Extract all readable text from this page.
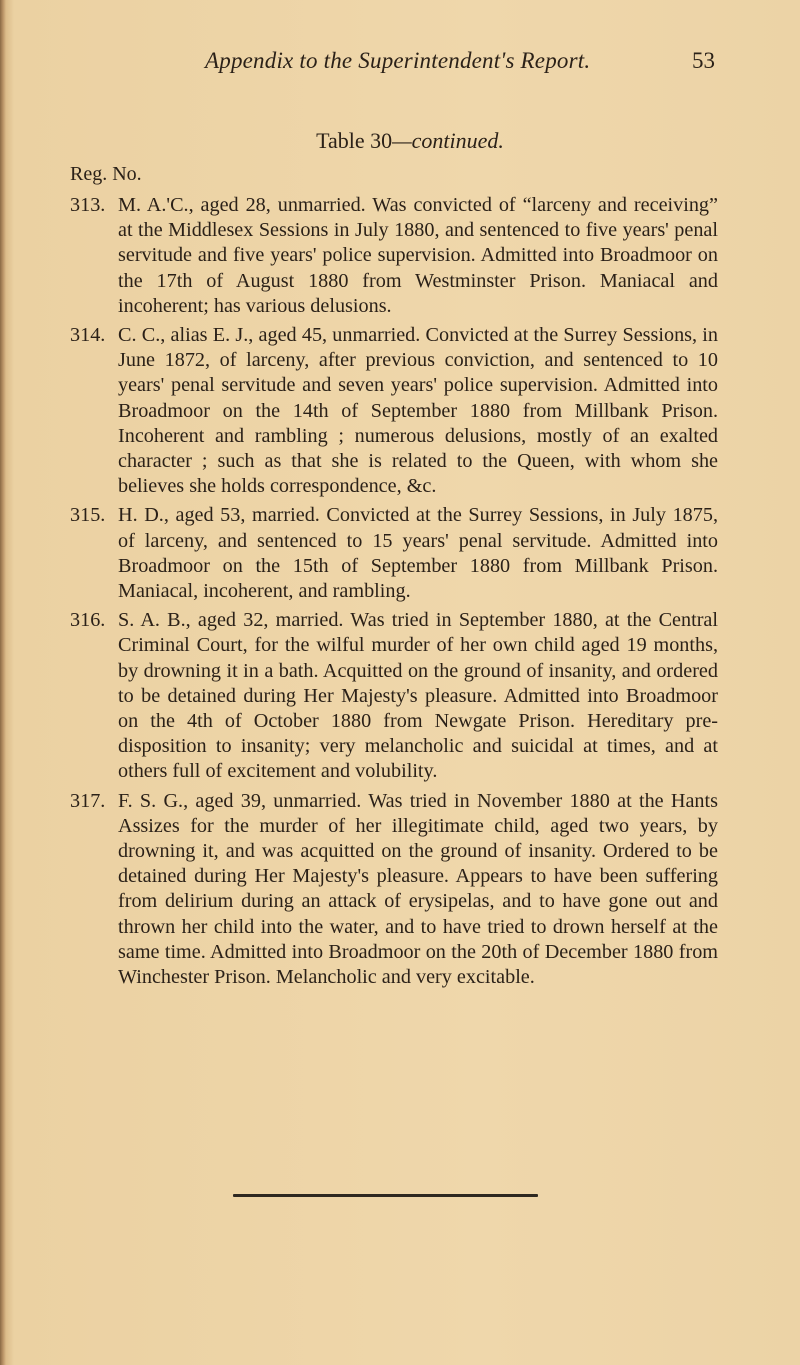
Appendix to the Superintendent's Report.	53
Table 30—continued.
Reg. No.
313. M. A.'C., aged 28, unmarried. Was convicted of “larceny and receiving” at the Middlesex Sessions in July 1880, and sentenced to five years' penal servitude and five years' police supervision. Admitted into Broadmoor on the 17th of August 1880 from Westminster Prison. Maniacal and incoherent; has various delusions.
314. C. C., alias E. J., aged 45, unmarried. Convicted at the Surrey Sessions, in June 1872, of larceny, after previous conviction, and sentenced to 10 years' penal servitude and seven years' police supervision. Admitted into Broadmoor on the 14th of September 1880 from Millbank Prison. Incoherent and rambling ; numerous delusions, mostly of an exalted character ; such as that she is related to the Queen, with whom she believes she holds correspondence, &c.
315. H. D., aged 53, married. Convicted at the Surrey Sessions, in July 1875, of larceny, and sentenced to 15 years' penal servitude. Admitted into Broadmoor on the 15th of September 1880 from Millbank Prison. Maniacal, incoherent, and rambling.
316. S. A. B., aged 32, married. Was tried in September 1880, at the Central Criminal Court, for the wilful murder of her own child aged 19 months, by drowning it in a bath. Acquitted on the ground of insanity, and ordered to be detained during Her Majesty's pleasure. Admitted into Broadmoor on the 4th of October 1880 from Newgate Prison. Hereditary pre-disposition to insanity; very melancholic and suicidal at times, and at others full of excitement and volubility.
317. F. S. G., aged 39, unmarried. Was tried in November 1880 at the Hants Assizes for the murder of her illegitimate child, aged two years, by drowning it, and was acquitted on the ground of insanity. Ordered to be detained during Her Majesty's pleasure. Appears to have been suffering from delirium during an attack of erysipelas, and to have gone out and thrown her child into the water, and to have tried to drown herself at the same time. Admitted into Broadmoor on the 20th of December 1880 from Winchester Prison. Melancholic and very excitable.
